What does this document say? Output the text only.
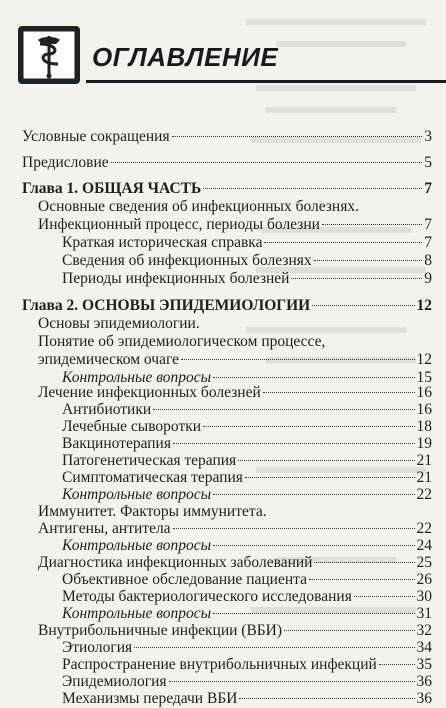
ОГЛАВЛЕНИЕ
Условные сокращения	3
Предисловие	5
Глава 1. ОБЩАЯ ЧАСТЬ	7
Основные сведения об инфекционных болезнях.
Инфекционный процесс, периоды болезни	7
Краткая историческая справка	7
Сведения об инфекционных болезнях	8
Периоды инфекционных болезней	9
Глава 2. ОСНОВЫ ЭПИДЕМИОЛОГИИ	12
Основы эпидемиологии.
Понятие об эпидемиологическом процессе,
эпидемическом очаге	12
Контрольные вопросы	15
Лечение инфекционных болезней	16
Антибиотики	16
Лечебные сыворотки	18
Вакцинотерапия	19
Патогенетическая терапия	21
Симптоматическая терапия	21
Контрольные вопросы	22
Иммунитет. Факторы иммунитета.
Антигены, антитела	22
Контрольные вопросы	24
Диагностика инфекционных заболеваний	25
Объективное обследование пациента	26
Методы бактериологического исследования	30
Контрольные вопросы	31
Внутрибольничные инфекции (ВБИ)	32
Этиология	34
Распространение внутрибольничных инфекций	35
Эпидемиология	36
Механизмы передачи ВБИ	36
